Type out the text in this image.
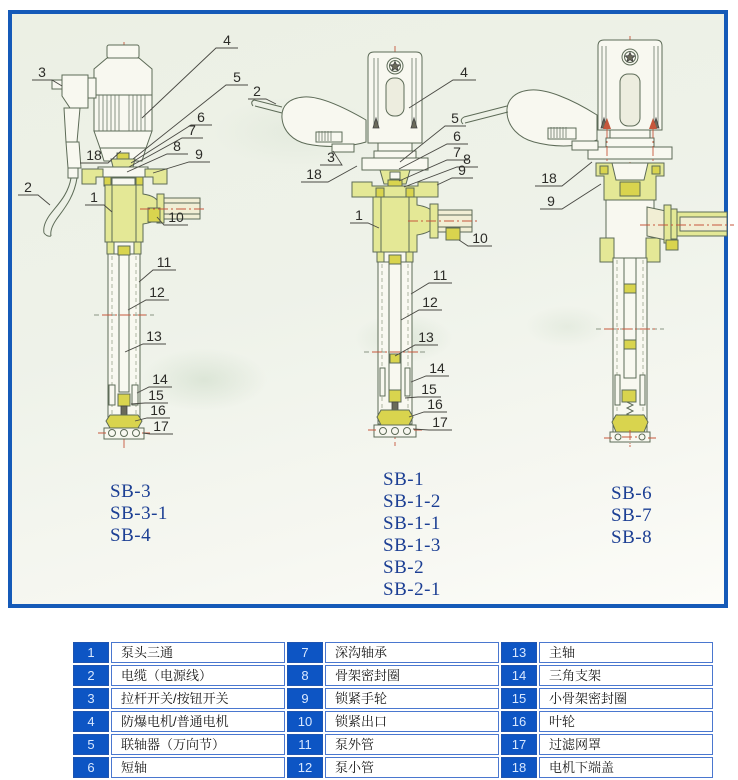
3
4
5
6
7
8 9
18
2
1
10
11
12
13
14
15
16
17
2
4
5
6
7 8
9
3
18
1
10
11
12
13
14
15
16
17
18
9
SB-3
SB-3-1
SB-4
SB-1
SB-1-2
SB-1-1
SB-1-3
SB-2
SB-2-1
SB-6
SB-7
SB-8
1	泵头三通	7	深沟轴承	13	主轴
2	电缆（电源线）	8	骨架密封圈	14	三角支架
3	拉杆开关/按钮开关	9	锁紧手轮	15	小骨架密封圈
4	防爆电机/普通电机	10	锁紧出口	16	叶轮
5	联轴器（万向节）	11	泵外管	17	过滤网罩
6	短轴	12	泵小管	18	电机下端盖
